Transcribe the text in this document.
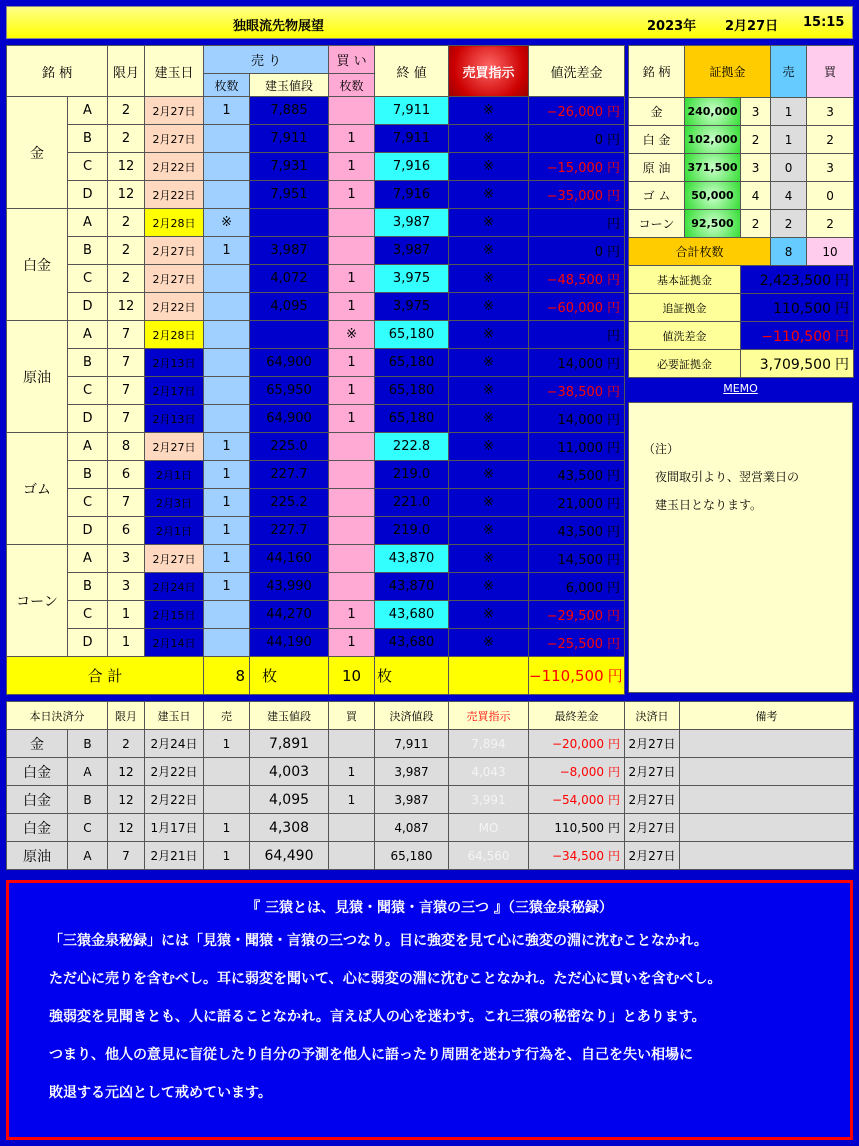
独眼流先物展望	2023年 2月27日 15:15
銘 柄		限月	建玉日	売 り		買 い	終 値	売買指示	値洗差金
				枚数	建玉値段	枚数			
金	A	2	2月27日	1	7,885		7,911	※	−26,000 円
	B	2	2月27日		7,911	1	7,911	※	0 円
	C	12	2月22日		7,931	1	7,916	※	−15,000 円
	D	12	2月22日		7,951	1	7,916	※	−35,000 円
白金	A	2	2月28日	※			3,987	※	円
	B	2	2月27日	1	3,987		3,987	※	0 円
	C	2	2月27日		4,072	1	3,975	※	−48,500 円
	D	12	2月22日		4,095	1	3,975	※	−60,000 円
原油	A	7	2月28日			※	65,180	※	円
	B	7	2月13日		64,900	1	65,180	※	14,000 円
	C	7	2月17日		65,950	1	65,180	※	−38,500 円
	D	7	2月13日		64,900	1	65,180	※	14,000 円
ゴム	A	8	2月27日	1	225.0		222.8	※	11,000 円
	B	6	2月1日	1	227.7		219.0	※	43,500 円
	C	7	2月3日	1	225.2		221.0	※	21,000 円
	D	6	2月1日	1	227.7		219.0	※	43,500 円
コーン	A	3	2月27日	1	44,160		43,870	※	14,500 円
	B	3	2月24日	1	43,990		43,870	※	6,000 円
	C	1	2月15日		44,270	1	43,680	※	−29,500 円
	D	1	2月14日		44,190	1	43,680	※	−25,500 円
合 計				8	枚	10	枚		−110,500 円
銘 柄	証拠金		売	買
金	240,000	3	1	3
白 金	102,000	2	1	2
原 油	371,500	3	0	3
ゴ ム	50,000	4	4	0
コーン	92,500	2	2	2
合計枚数			8	10
基本証拠金		2,423,500 円		
追証拠金		110,500 円		
値洗差金		−110,500 円		
必要証拠金		3,709,500 円		
MEMO
（注）
　夜間取引より、翌営業日の
　建玉日となります。
本日決済分		限月	建玉日	売	建玉値段	買	決済値段	売買指示	最終差金	決済日	備考
金	B	2	2月24日	1	7,891		7,911	7,894	−20,000 円	2月27日	
白金	A	12	2月22日		4,003	1	3,987	4,043	−8,000 円	2月27日	
白金	B	12	2月22日		4,095	1	3,987	3,991	−54,000 円	2月27日	
白金	C	12	1月17日	1	4,308		4,087	MO	110,500 円	2月27日	
原油	A	7	2月21日	1	64,490		65,180	64,560	−34,500 円	2月27日	
『 三猿とは、見猿・聞猿・言猿の三つ 』（三猿金泉秘録）

「三猿金泉秘録」には「見猿・聞猿・言猿の三つなり。目に強変を見て心に強変の淵に沈むことなかれ。

ただ心に売りを含むべし。耳に弱変を聞いて、心に弱変の淵に沈むことなかれ。ただ心に買いを含むべし。

強弱変を見聞きとも、人に語ることなかれ。言えば人の心を迷わす。これ三猿の秘密なり」とあります。

つまり、他人の意見に盲従したり自分の予測を他人に語ったり周囲を迷わす行為を、自己を失い相場に

敗退する元凶として戒めています。
